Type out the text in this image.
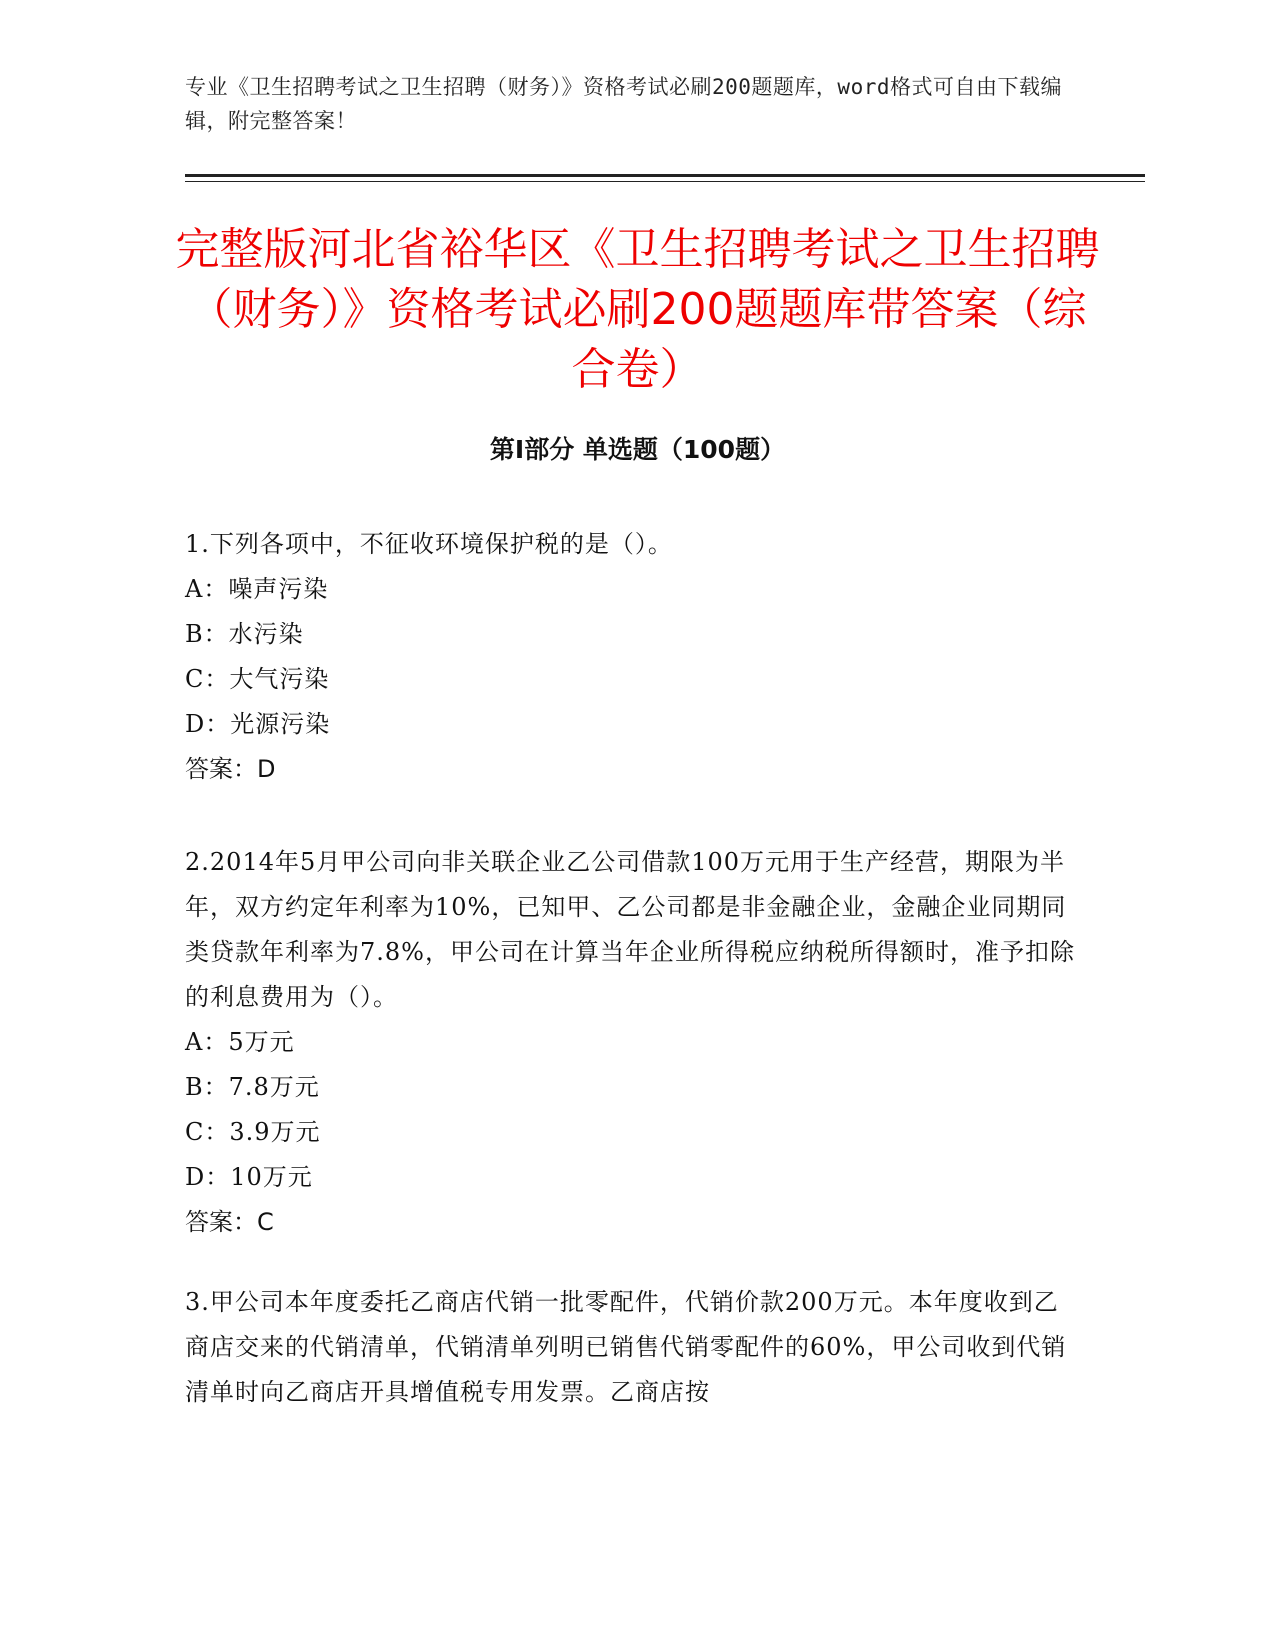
专业《卫生招聘考试之卫生招聘（财务）》资格考试必刷200题题库，word格式可自由下载编辑，附完整答案！
完整版河北省裕华区《卫生招聘考试之卫生招聘（财务）》资格考试必刷200题题库带答案（综合卷）
第Ⅰ部分 单选题（100题）
1.下列各项中，不征收环境保护税的是（）。
A：噪声污染
B：水污染
C：大气污染
D：光源污染
答案：D
2.2014年5月甲公司向非关联企业乙公司借款100万元用于生产经营，期限为半年，双方约定年利率为10%，已知甲、乙公司都是非金融企业，金融企业同期同类贷款年利率为7.8%，甲公司在计算当年企业所得税应纳税所得额时，准予扣除的利息费用为（）。
A：5万元
B：7.8万元
C：3.9万元
D：10万元
答案：C
3.甲公司本年度委托乙商店代销一批零配件，代销价款200万元。本年度收到乙商店交来的代销清单，代销清单列明已销售代销零配件的60%，甲公司收到代销清单时向乙商店开具增值税专用发票。乙商店按
